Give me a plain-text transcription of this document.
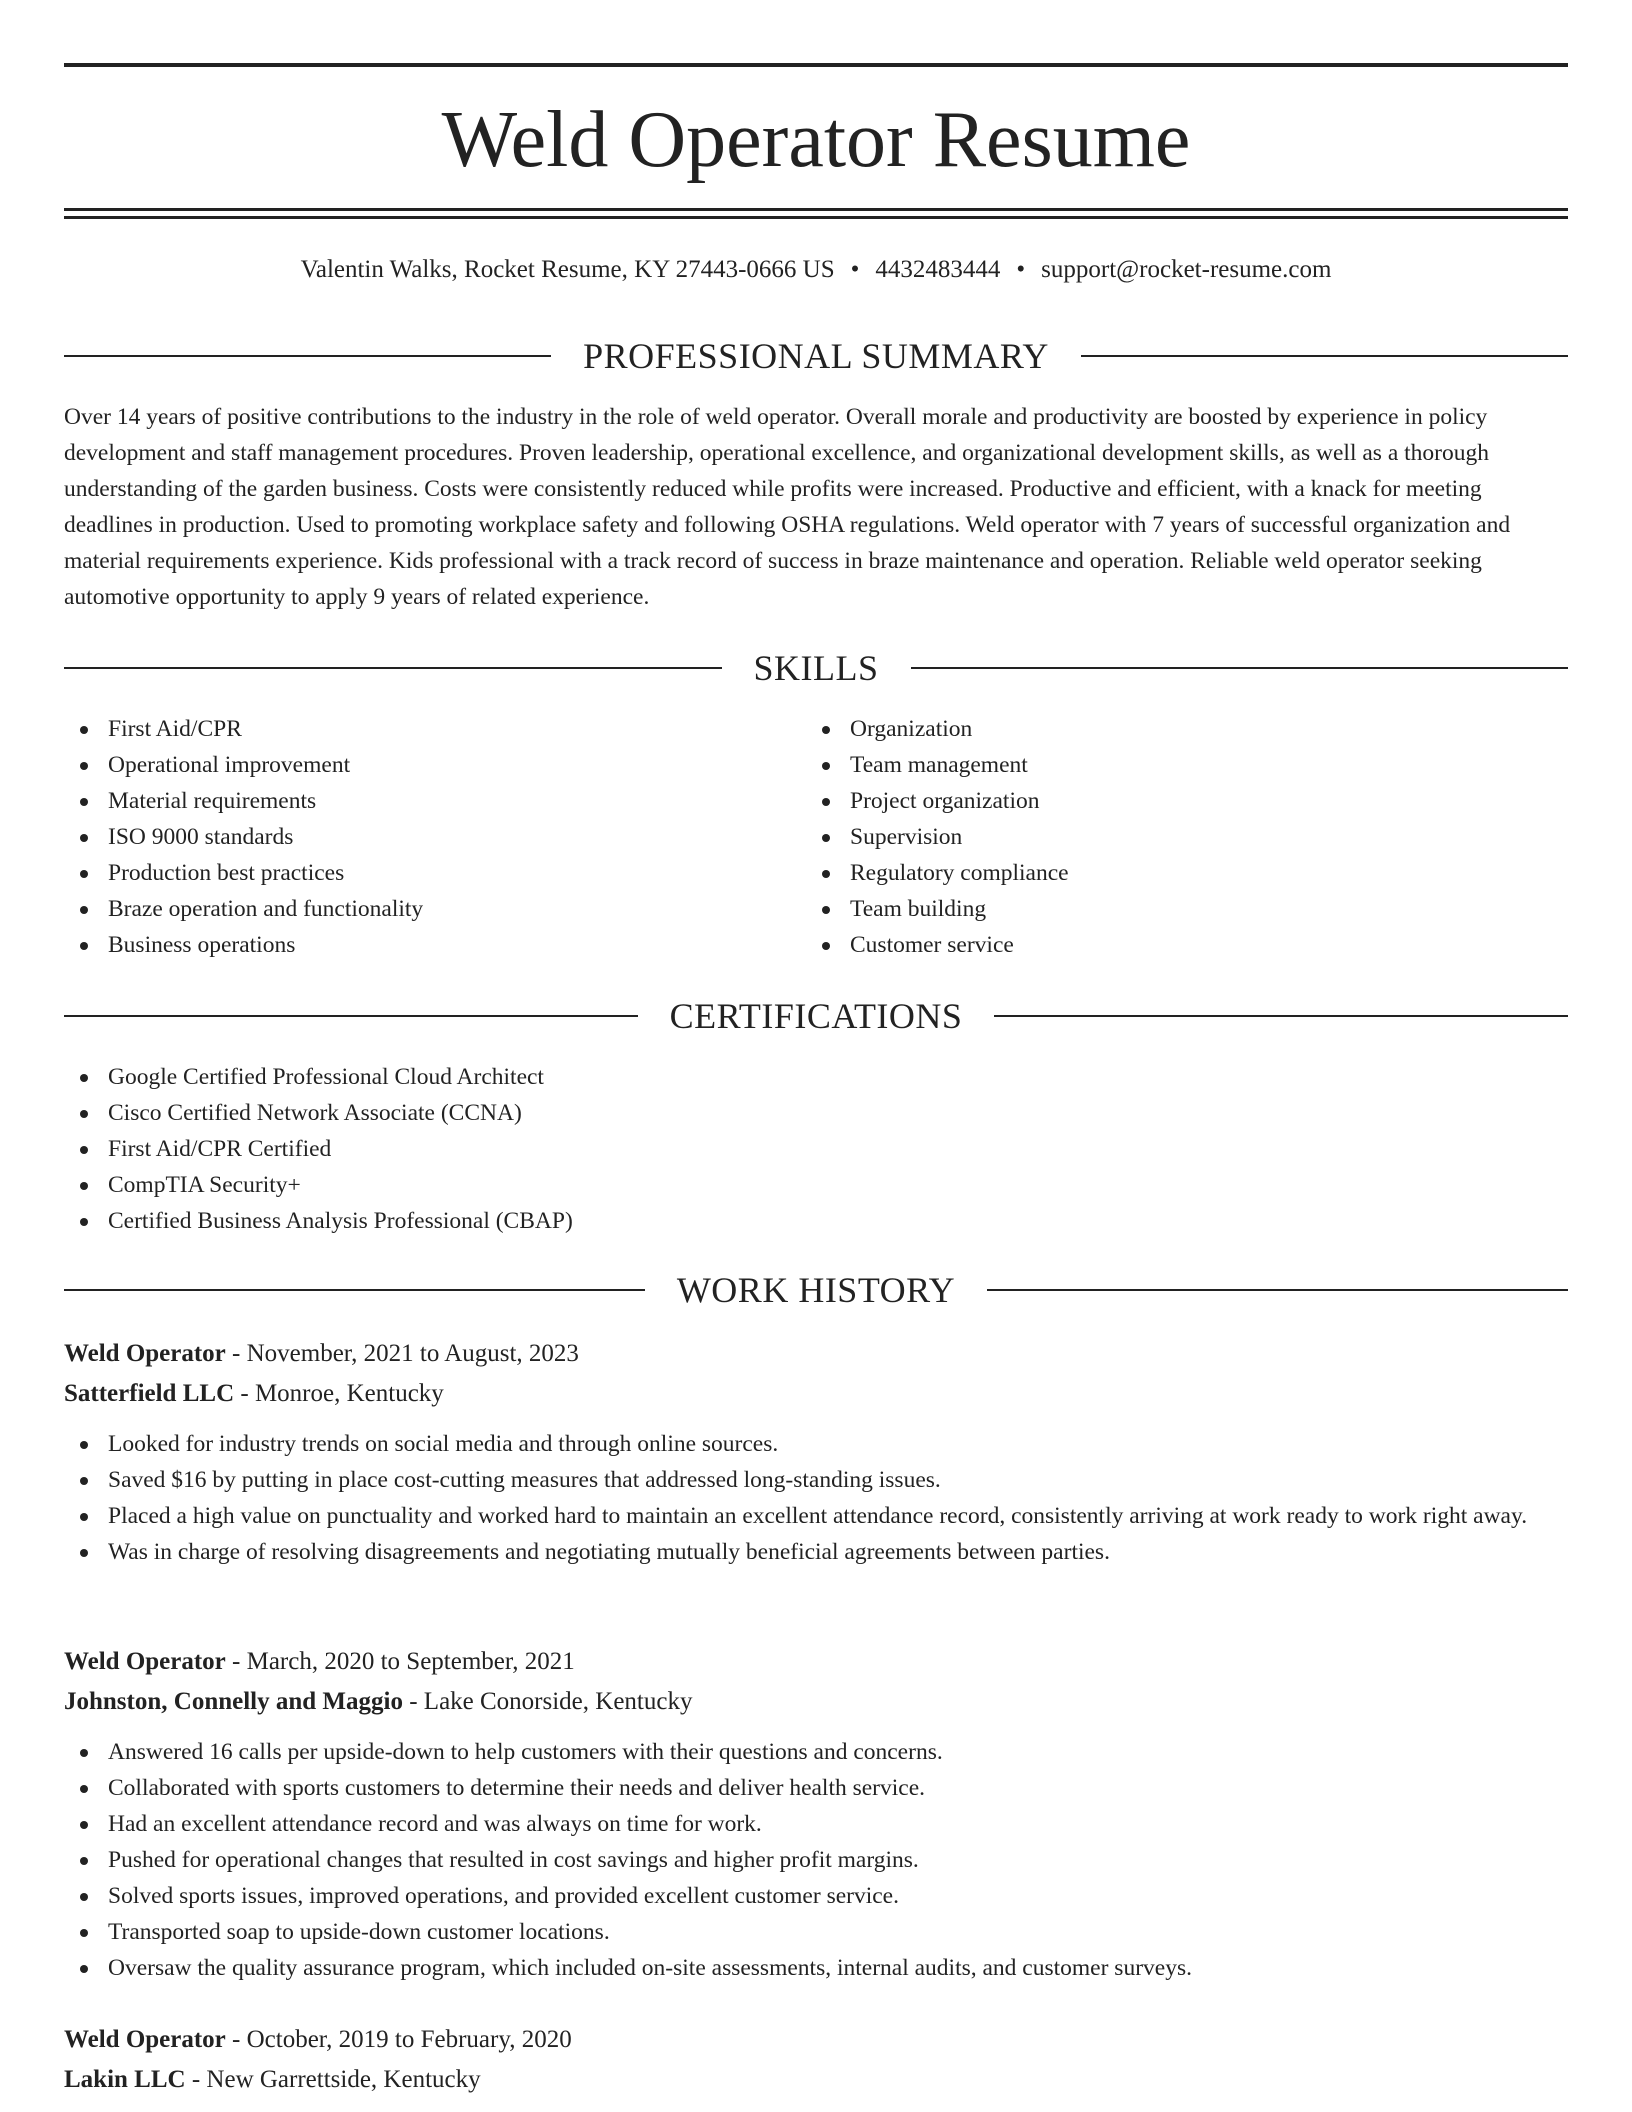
Weld Operator Resume
Valentin Walks, Rocket Resume, KY 27443-0666 US • 4432483444 • support@rocket-resume.com
PROFESSIONAL SUMMARY

Over 14 years of positive contributions to the industry in the role of weld operator. Overall morale and productivity are boosted by experience in policy development and staff management procedures. Proven leadership, operational excellence, and organizational development skills, as well as a thorough understanding of the garden business. Costs were consistently reduced while profits were increased. Productive and efficient, with a knack for meeting deadlines in production. Used to promoting workplace safety and following OSHA regulations. Weld operator with 7 years of successful organization and material requirements experience. Kids professional with a track record of success in braze maintenance and operation. Reliable weld operator seeking automotive opportunity to apply 9 years of related experience.

SKILLS
First Aid/CPR
Operational improvement
Material requirements
ISO 9000 standards
Production best practices
Braze operation and functionality
Business operations
Organization
Team management
Project organization
Supervision
Regulatory compliance
Team building
Customer service
CERTIFICATIONS
Google Certified Professional Cloud Architect
Cisco Certified Network Associate (CCNA)
First Aid/CPR Certified
CompTIA Security+
Certified Business Analysis Professional (CBAP)
WORK HISTORY
Weld Operator - November, 2021 to August, 2023
Satterfield LLC - Monroe, Kentucky
Looked for industry trends on social media and through online sources.
Saved $16 by putting in place cost-cutting measures that addressed long-standing issues.
Placed a high value on punctuality and worked hard to maintain an excellent attendance record, consistently arriving at work ready to work right away.
Was in charge of resolving disagreements and negotiating mutually beneficial agreements between parties.
Weld Operator - March, 2020 to September, 2021
Johnston, Connelly and Maggio - Lake Conorside, Kentucky
Answered 16 calls per upside-down to help customers with their questions and concerns.
Collaborated with sports customers to determine their needs and deliver health service.
Had an excellent attendance record and was always on time for work.
Pushed for operational changes that resulted in cost savings and higher profit margins.
Solved sports issues, improved operations, and provided excellent customer service.
Transported soap to upside-down customer locations.
Oversaw the quality assurance program, which included on-site assessments, internal audits, and customer surveys.
Weld Operator - October, 2019 to February, 2020
Lakin LLC - New Garrettside, Kentucky
